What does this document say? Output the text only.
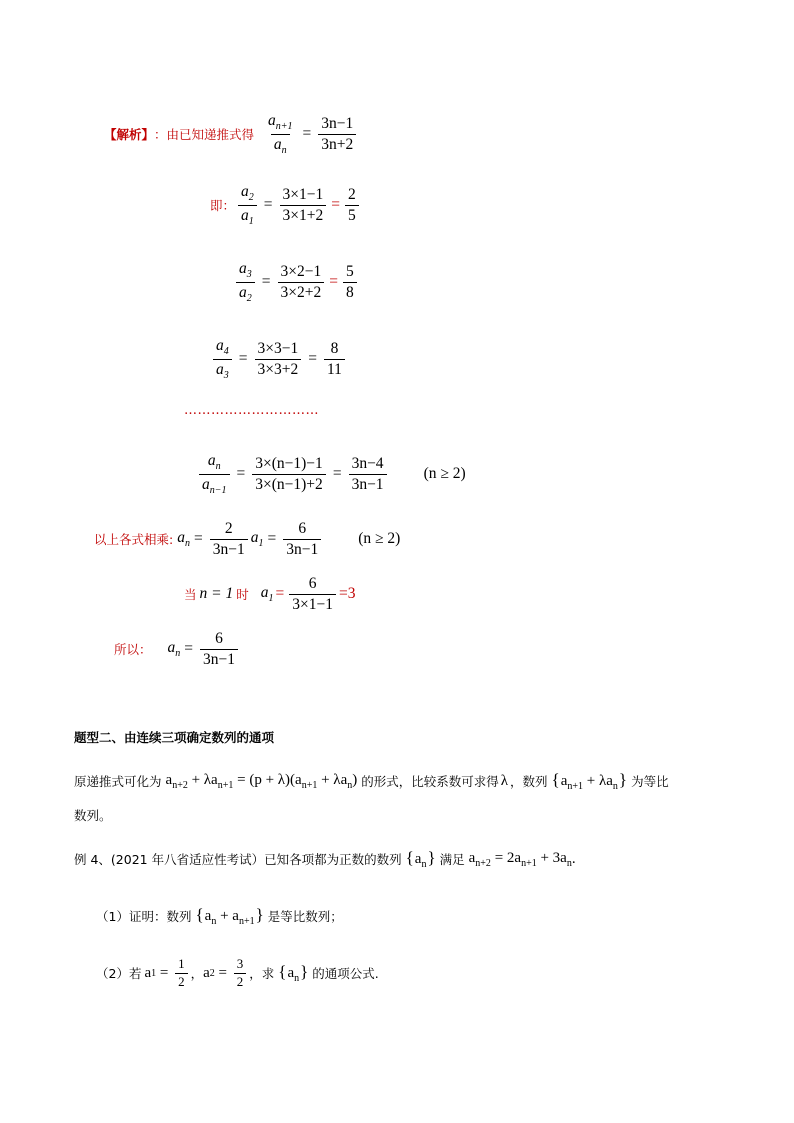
【解析】 ：由已知递推式得 $\frac{a_{n+1}}{a_n} = \frac{3n-1}{3n+2}$
即： $\frac{a_2}{a_1} = \frac{3\times 1-1}{3\times 1+2} = \frac{2}{5}$
$\frac{a_3}{a_2} = \frac{3\times 2-1}{3\times 2+2} = \frac{5}{8}$
$\frac{a_4}{a_3} = \frac{3\times 3-1}{3\times 3+2} = \frac{8}{11}$
…………………………
$\frac{a_n}{a_{n-1}} = \frac{3\times(n-1)-1}{3\times(n-1)+2} = \frac{3n-4}{3n-1} (n \ge 2)$
以上各式相乘: $a_n = \frac{2}{3n-1} a_1 = \frac{6}{3n-1} (n \ge 2)$
当 n = 1 时 $a_1 = \frac{6}{3\times 1-1} =3$
所以： $a_n = \frac{6}{3n-1}$
题型二、由连续三项确定数列的通项
原递推式可化为 $a_{n+2} + \lambda a_{n+1} = (p + \lambda)(a_{n+1} + \lambda a_n)$ 的形式，比较系数可求得 λ ，数列 $\{a_{n+1} + \lambda a_n\}$ 为等比
数列。
例 4、(2021 年八省适应性考试）已知各项都为正数的数列 $\{a_n\}$ 满足 $a_{n+2} = 2a_{n+1} + 3a_n$ .
（1）证明：数列 $\{a_n + a_{n+1}\}$ 是等比数列；
（2）若 a $1 = \frac{1}{2}$ ， a $2 = \frac{3}{2}$ ，求 $\{a_n\}$ 的通项公式.
